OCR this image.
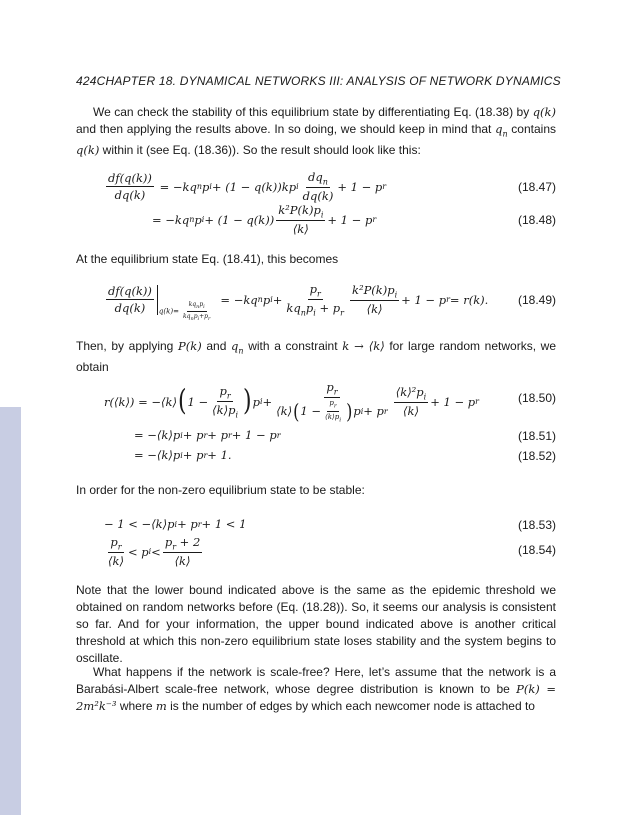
424CHAPTER 18. DYNAMICAL NETWORKS III: ANALYSIS OF NETWORK DYNAMICS
We can check the stability of this equilibrium state by differentiating Eq. (18.38) by q(k) and then applying the results above. In so doing, we should keep in mind that $q_n$ contains q(k) within it (see Eq. (18.36)). So the result should look like this:
$\frac{df(q(k))}{dq(k)}$
= −kq n p i + (1 − q(k))kp i $\frac{dq_n}{dq(k)} + 1 - p$ r	(18.47)
= −kq n p $i + (1 - q(k)) \frac{k^2P(k)p_i}{⟨k⟩} + 1 - p$ r	(18.48)
At the equilibrium state Eq. (18.41), this becomes
$\frac{df(q(k))}{dq(k)} q(k)= \frac{kq_np_i}{kq_np_i+p_r}$
= −kq n p $i + \frac{p_r}{kq_np_i + p_r} \frac{k^2P(k)p_i}{⟨k⟩} + 1 - p$ r = r(k). (18.49)
Then, by applying P(k) and $q_n$ with a constraint k → ⟨k⟩ for large random networks, we obtain
r(⟨k⟩) = −⟨k⟩ ( $1 - \frac{p_r}{⟨k⟩p_i}$ ) p $i + \frac{p_r}{⟨k⟩ ( 1 - \frac{p_r}{⟨k⟩p_i} ) p i + p r} \frac{⟨k⟩^2p_i}{⟨k⟩} + 1 - p$ r	(18.50)
= −⟨k⟩p i + p r + p r + 1 − p r	(18.51)
= −⟨k⟩p i + p r + 1.	(18.52)
In order for the non-zero equilibrium state to be stable:
− 1 < −⟨k⟩p i + p r + 1 < 1	(18.53)
$\frac{p_r}{⟨k⟩} < p$ $i < \frac{p_r + 2}{⟨k⟩}$	(18.54)
Note that the lower bound indicated above is the same as the epidemic threshold we obtained on random networks before (Eq. (18.28)). So, it seems our analysis is consistent so far. And for your information, the upper bound indicated above is another critical threshold at which this non-zero equilibrium state loses stability and the system begins to oscillate.
What happens if the network is scale-free? Here, let’s assume that the network is a Barabási-Albert scale-free network, whose degree distribution is known to be P(k) = 2m²k⁻³ where m is the number of edges by which each newcomer node is attached to
